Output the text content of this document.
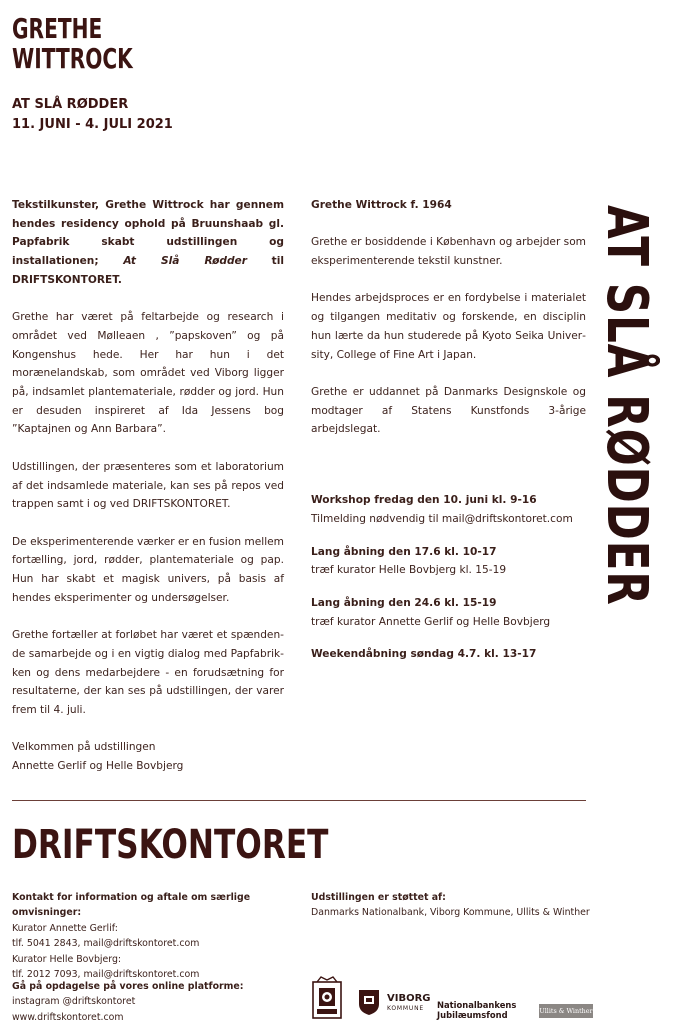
GRETHE
WITTROCK
AT SLÅ RØDDER
11. JUNI - 4. JULI 2021

Tekstilkunster, Grethe Wittrock har gennem hendes residency ophold på Bruunshaab gl. Papfabrik skabt udstillingen og installationen; At Slå Rødder til DRIFTSKONTORET.

Grethe har været på feltarbejde og research i området ved Mølleaen , ”papskoven” og på Kongenshus hede. Her har hun i det morænelandskab, som området ved Viborg ligger på, indsamlet plantemateriale, rødder og jord. Hun er desuden inspireret af Ida Jessens bog ”Kaptajnen og Ann Barbara”.

Udstillingen, der præsenteres som et laboratorium af det indsamlede materiale, kan ses på repos ved trappen samt i og ved DRIFTSKONTORET.

De eksperimenterende værker er en fusion mellem fortælling, jord, rødder, plantemateriale og pap. Hun har skabt et magisk univers, på basis af hendes eksperimenter og undersøgelser.

Grethe fortæller at forløbet har været et spændende samarbejde og i en vigtig dialog med Papfabrikken og dens medarbejdere - en forudsætning for resultaterne, der kan ses på udstillingen, der varer frem til 4. juli.

Velkommen på udstillingen
Annette Gerlif og Helle Bovbjerg

Grethe Wittrock f. 1964

Grethe er bosiddende i København og arbejder som eksperimenterende tekstil kunstner.

Hendes arbejdsproces er en fordybelse i materialet og tilgangen meditativ og forskende, en disciplin hun lærte da hun studerede på Kyoto Seika University, College of Fine Art i Japan.

Grethe er uddannet på Danmarks Designskole og modtager af Statens Kunstfonds 3-årige arbejdslegat.

Workshop fredag den 10. juni kl. 9-16
Tilmelding nødvendig til mail@driftskontoret.com

Lang åbning den 17.6 kl. 10-17
træf kurator Helle Bovbjerg kl. 15-19

Lang åbning den 24.6 kl. 15-19
træf kurator Annette Gerlif og Helle Bovbjerg

Weekendåbning søndag 4.7. kl. 13-17

AT SLÅ RØDDER
DRIFTSKONTORET
Kontakt for information og aftale om særlige omvisninger:
Kurator Annette Gerlif:
tlf. 5041 2843, mail@driftskontoret.com
Kurator Helle Bovbjerg:
tlf. 2012 7093, mail@driftskontoret.com
Gå på opdagelse på vores online platforme:
instagram @driftskontoret
www.driftskontoret.com
Udstillingen er støttet af:
Danmarks Nationalbank, Viborg Kommune, Ullits & Winther
VIBORG
KOMMUNE Nationalbankens
Jubilæumsfond	Ullits & Winther
